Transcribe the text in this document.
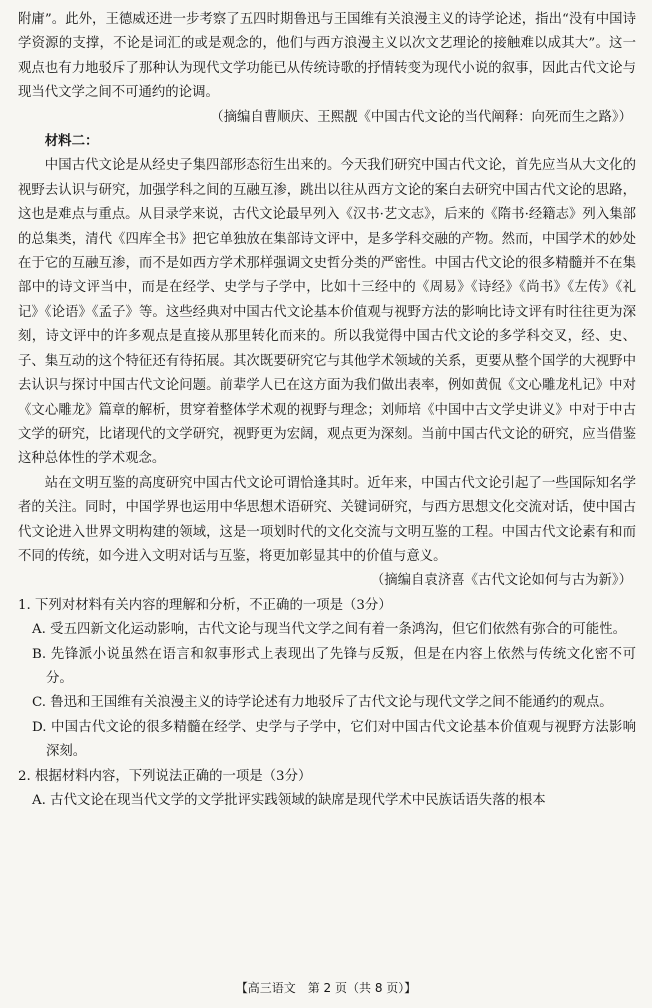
附庸”。此外，王德威还进一步考察了五四时期鲁迅与王国维有关浪漫主义的诗学论述，指出“没有中国诗学资源的支撑，不论是词汇的或是观念的，他们与西方浪漫主义以次文艺理论的接触难以成其大”。这一观点也有力地驳斥了那种认为现代文学功能已从传统诗歌的抒情转变为现代小说的叙事，因此古代文论与现当代文学之间不可通约的论调。

（摘编自曹顺庆、王熙靓《中国古代文论的当代阐释：向死而生之路》）

材料二：

中国古代文论是从经史子集四部形态衍生出来的。今天我们研究中国古代文论，首先应当从大文化的视野去认识与研究，加强学科之间的互融互渗，跳出以往从西方文论的案白去研究中国古代文论的思路，这也是难点与重点。从目录学来说，古代文论最早列入《汉书·艺文志》，后来的《隋书·经籍志》列入集部的总集类，清代《四库全书》把它单独放在集部诗文评中，是多学科交融的产物。然而，中国学术的妙处在于它的互融互渗，而不是如西方学术那样强调文史哲分类的严密性。中国古代文论的很多精髓并不在集部中的诗文评当中，而是在经学、史学与子学中，比如十三经中的《周易》《诗经》《尚书》《左传》《礼记》《论语》《孟子》等。这些经典对中国古代文论基本价值观与视野方法的影响比诗文评有时往往更为深刻，诗文评中的许多观点是直接从那里转化而来的。所以我觉得中国古代文论的多学科交叉，经、史、子、集互动的这个特征还有待拓展。其次既要研究它与其他学术领域的关系，更要从整个国学的大视野中去认识与探讨中国古代文论问题。前辈学人已在这方面为我们做出表率，例如黄侃《文心雕龙札记》中对《文心雕龙》篇章的解析，贯穿着整体学术观的视野与理念；刘师培《中国中古文学史讲义》中对于中古文学的研究，比诸现代的文学研究，视野更为宏阔，观点更为深刻。当前中国古代文论的研究，应当借鉴这种总体性的学术观念。

站在文明互鉴的高度研究中国古代文论可谓恰逢其时。近年来，中国古代文论引起了一些国际知名学者的关注。同时，中国学界也运用中华思想术语研究、关键词研究，与西方思想文化交流对话，使中国古代文论进入世界文明构建的领域，这是一项划时代的文化交流与文明互鉴的工程。中国古代文论素有和而不同的传统，如今进入文明对话与互鉴，将更加彰显其中的价值与意义。

（摘编自袁济喜《古代文论如何与古为新》）

1. 下列对材料有关内容的理解和分析，不正确的一项是（3分）

A. 受五四新文化运动影响，古代文论与现当代文学之间有着一条鸿沟，但它们依然有弥合的可能性。

B. 先锋派小说虽然在语言和叙事形式上表现出了先锋与反叛，但是在内容上依然与传统文化密不可分。

C. 鲁迅和王国维有关浪漫主义的诗学论述有力地驳斥了古代文论与现代文学之间不能通约的观点。

D. 中国古代文论的很多精髓在经学、史学与子学中，它们对中国古代文论基本价值观与视野方法影响深刻。

2. 根据材料内容，下列说法正确的一项是（3分）

A. 古代文论在现当代文学的文学批评实践领域的缺席是现代学术中民族话语失落的根本

【高三语文　第 2 页（共 8 页）】
